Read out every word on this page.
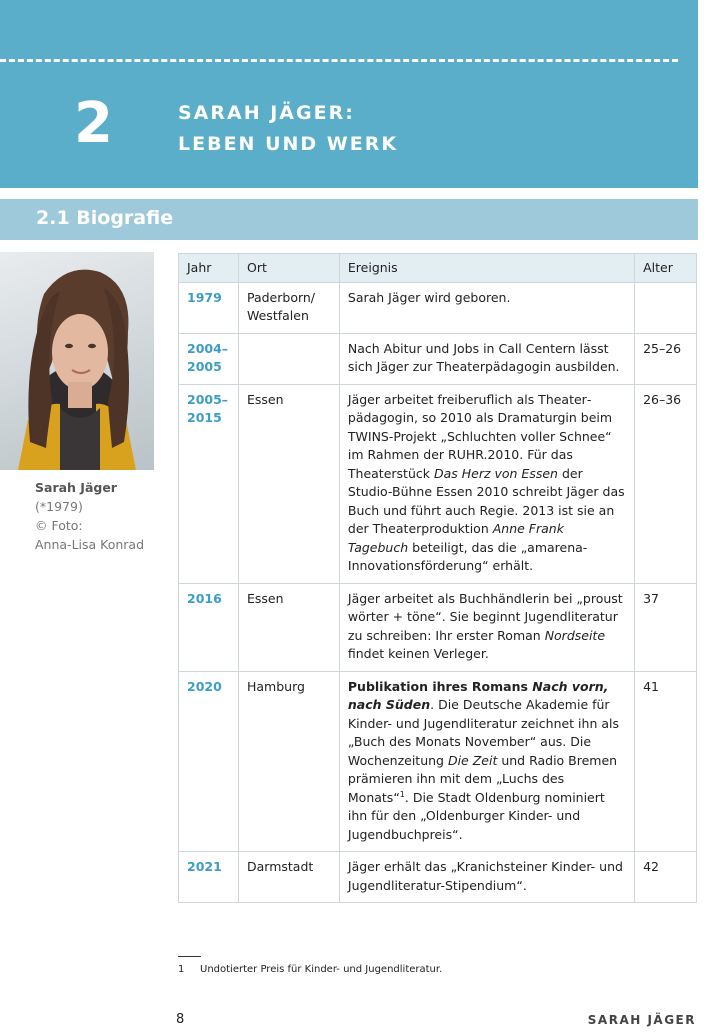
2	SARAH JÄGER:
LEBEN UND WERK
2.1 Biografie
Sarah Jäger
(*1979)
© Foto:
Anna-Lisa Konrad
Jahr	Ort	Ereignis	Alter
1979	Paderborn/ Westfalen	Sarah Jäger wird geboren.	
2004–2005		Nach Abitur und Jobs in Call Centern lässt sich Jäger zur Theaterpädagogin ausbilden.	25–26
2005–2015	Essen	Jäger arbeitet freiberuflich als Theaterpädagogin, so 2010 als Dramaturgin beim TWINS-Projekt „Schluchten voller Schnee“ im Rahmen der RUHR.2010. Für das Theaterstück Das Herz von Essen der Studio-Bühne Essen 2010 schreibt Jäger das Buch und führt auch Regie. 2013 ist sie an der Theaterproduktion Anne Frank Tagebuch beteiligt, das die „amarena-Innovationsförderung“ erhält.	26–36
2016	Essen	Jäger arbeitet als Buchhändlerin bei „proust wörter + töne“. Sie beginnt Jugendliteratur zu schreiben: Ihr erster Roman Nordseite findet keinen Verleger.	37
2020	Hamburg	Publikation ihres Romans Nach vorn, nach Süden. Die Deutsche Akademie für Kinder- und Jugendliteratur zeichnet ihn als „Buch des Monats November“ aus. Die Wochenzeitung Die Zeit und Radio Bremen prämieren ihn mit dem „Luchs des Monats“$^1$. Die Stadt Oldenburg nominiert ihn für den „Oldenburger Kinder- und Jugendbuchpreis“.	41
2021	Darmstadt	Jäger erhält das „Kranichsteiner Kinder- und Jugendliteratur-Stipendium“.	42
1 Undotierter Preis für Kinder- und Jugendliteratur.
8	SARAH JÄGER
